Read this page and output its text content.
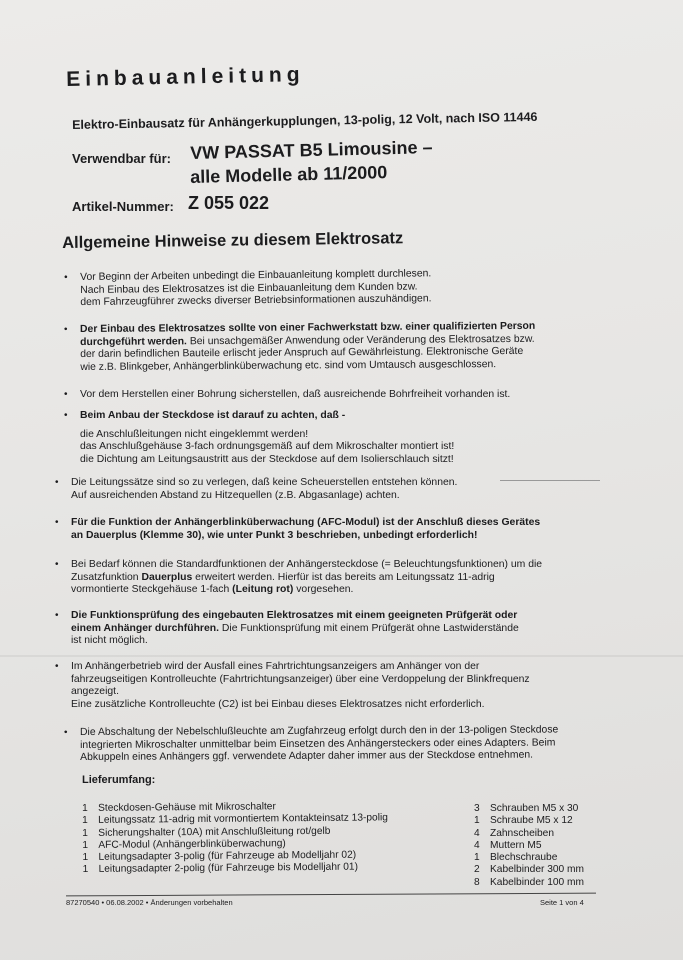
Einbauanleitung
Elektro-Einbausatz für Anhängerkupplungen, 13-polig, 12 Volt, nach ISO 11446
Verwendbar für: VW PASSAT B5 Limousine –
alle Modelle ab 11/2000
Artikel-Nummer: Z 055 022
Allgemeine Hinweise zu diesem Elektrosatz
• Vor Beginn der Arbeiten unbedingt die Einbauanleitung komplett durchlesen.

Nach Einbau des Elektrosatzes ist die Einbauanleitung dem Kunden bzw.

dem Fahrzeugführer zwecks diverser Betriebsinformationen auszuhändigen.

• Der Einbau des Elektrosatzes sollte von einer Fachwerkstatt bzw. einer qualifizierten Person

durchgeführt werden. Bei unsachgemäßer Anwendung oder Veränderung des Elektrosatzes bzw.

der darin befindlichen Bauteile erlischt jeder Anspruch auf Gewährleistung. Elektronische Geräte

wie z.B. Blinkgeber, Anhängerblinküberwachung etc. sind vom Umtausch ausgeschlossen.

• Vor dem Herstellen einer Bohrung sicherstellen, daß ausreichende Bohrfreiheit vorhanden ist.

• Beim Anbau der Steckdose ist darauf zu achten, daß -

die Anschlußleitungen nicht eingeklemmt werden!

das Anschlußgehäuse 3-fach ordnungsgemäß auf dem Mikroschalter montiert ist!

die Dichtung am Leitungsaustritt aus der Steckdose auf dem Isolierschlauch sitzt!

• Die Leitungssätze sind so zu verlegen, daß keine Scheuerstellen entstehen können.

Auf ausreichenden Abstand zu Hitzequellen (z.B. Abgasanlage) achten.

• Für die Funktion der Anhängerblinküberwachung (AFC-Modul) ist der Anschluß dieses Gerätes

an Dauerplus (Klemme 30), wie unter Punkt 3 beschrieben, unbedingt erforderlich!

• Bei Bedarf können die Standardfunktionen der Anhängersteckdose (= Beleuchtungsfunktionen) um die

Zusatzfunktion Dauerplus erweitert werden. Hierfür ist das bereits am Leitungssatz 11-adrig

vormontierte Steckgehäuse 1-fach (Leitung rot) vorgesehen.

• Die Funktionsprüfung des eingebauten Elektrosatzes mit einem geeigneten Prüfgerät oder

einem Anhänger durchführen. Die Funktionsprüfung mit einem Prüfgerät ohne Lastwiderstände

ist nicht möglich.

• Im Anhängerbetrieb wird der Ausfall eines Fahrtrichtungsanzeigers am Anhänger von der

fahrzeugseitigen Kontrolleuchte (Fahrtrichtungsanzeiger) über eine Verdoppelung der Blinkfrequenz

angezeigt.

Eine zusätzliche Kontrolleuchte (C2) ist bei Einbau dieses Elektrosatzes nicht erforderlich.

• Die Abschaltung der Nebelschlußleuchte am Zugfahrzeug erfolgt durch den in der 13-poligen Steckdose

integrierten Mikroschalter unmittelbar beim Einsetzen des Anhängersteckers oder eines Adapters. Beim

Abkuppeln eines Anhängers ggf. verwendete Adapter daher immer aus der Steckdose entnehmen.

Lieferumfang:
1 Steckdosen-Gehäuse mit Mikroschalter
1 Leitungssatz 11-adrig mit vormontiertem Kontakteinsatz 13-polig
1 Sicherungshalter (10A) mit Anschlußleitung rot/gelb
1 AFC-Modul (Anhängerblinküberwachung)
1 Leitungsadapter 3-polig (für Fahrzeuge ab Modelljahr 02)
1 Leitungsadapter 2-polig (für Fahrzeuge bis Modelljahr 01)
3 Schrauben M5 x 30
1 Schraube M5 x 12
4 Zahnscheiben
4 Muttern M5
1 Blechschraube
2 Kabelbinder 300 mm
8 Kabelbinder 100 mm
87270540 • 06.08.2002 • Änderungen vorbehalten	Seite 1 von 4
